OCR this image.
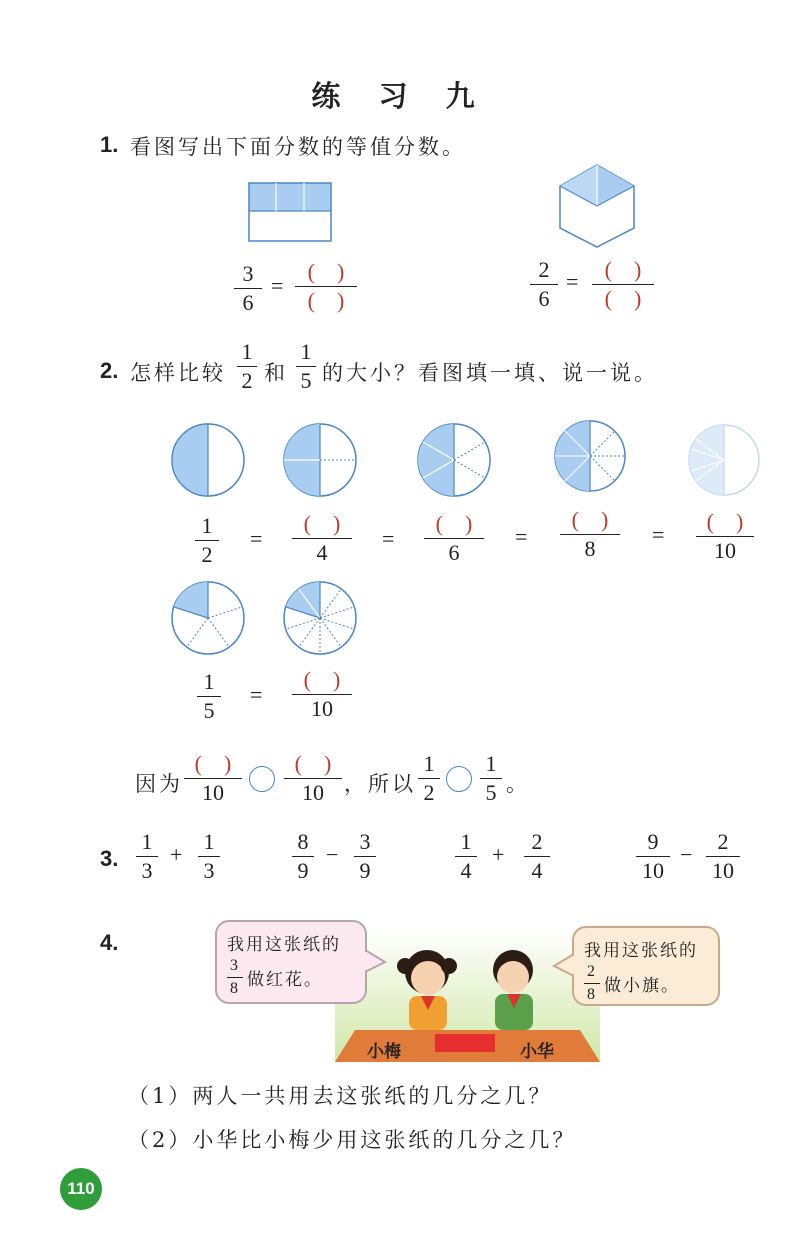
练 习 九
1. 看图写出下面分数的等值分数。
3
6
=
(    )
(    )
2
6
= (    )
(    )
2. 怎样比较
1
2 和
1
5 的大小？看图填一填、说一说。
1
2
=
(    )
4
=
(    )
6
=
(    )
8
=
(    )
10
1
5
=
(    )
10
因为
(    )
10
(    )
10 ，所以
1
2
1
5 。
3.
1
3
+
1
3
8
9
−
3
9
1
4
+
2
4
9
10
−
2
10
4.
小梅	小华
我用这张纸的
$\frac{3}{8}$ 做红花。
我用这张纸的
$\frac{2}{8}$ 做小旗。
（1）两人一共用去这张纸的几分之几？
（2）小华比小梅少用这张纸的几分之几？
110
